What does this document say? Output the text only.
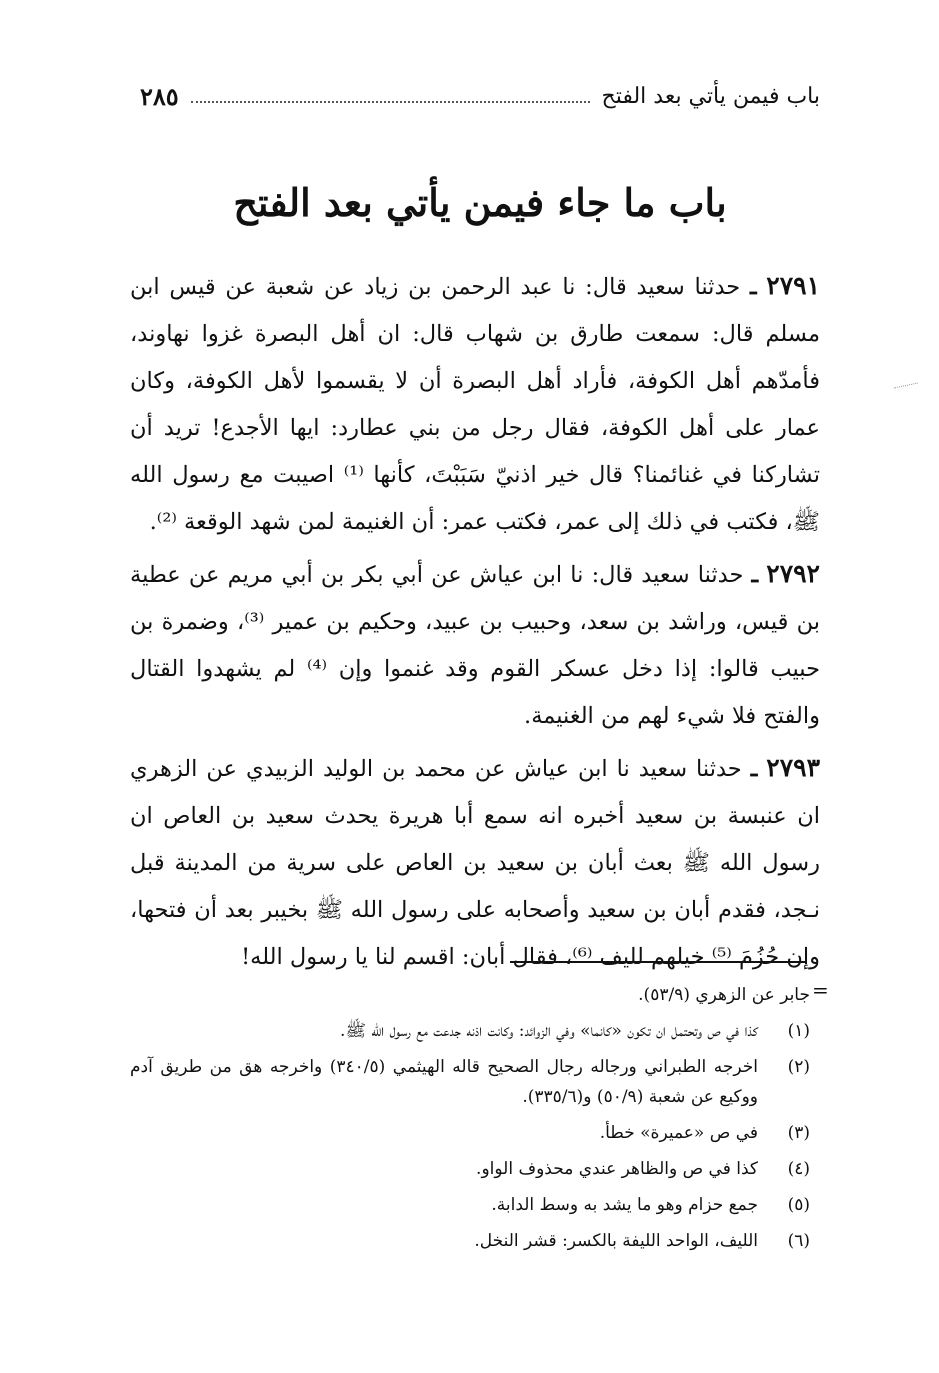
باب فيمن يأتي بعد الفتح
٢٨٥
باب ما جاء فيمن يأتي بعد الفتح

٢٧٩١ ـ حدثنا سعيد قال: نا عبد الرحمن بن زياد عن شعبة عن قيس ابن مسلم قال: سمعت طارق بن شهاب قال: ان أهل البصرة غزوا نهاوند، فأمدّهم أهل الكوفة، فأراد أهل البصرة أن لا يقسموا لأهل الكوفة، وكان عمار على أهل الكوفة، فقال رجل من بني عطارد: ايها الأجدع! تريد أن تشاركنا في غنائمنا؟ قال خير اذنيّ سَبَبْتَ، كأنها ⁽¹⁾ اصيبت مع رسول الله ﷺ، فكتب في ذلك إلى عمر، فكتب عمر: أن الغنيمة لمن شهد الوقعة ⁽²⁾.

٢٧٩٢ ـ حدثنا سعيد قال: نا ابن عياش عن أبي بكر بن أبي مريم عن عطية بن قيس، وراشد بن سعد، وحبيب بن عبيد، وحكيم بن عمير ⁽³⁾، وضمرة بن حبيب قالوا: إذا دخل عسكر القوم وقد غنموا وإن ⁽⁴⁾ لم يشهدوا القتال والفتح فلا شيء لهم من الغنيمة.

٢٧٩٣ ـ حدثنا سعيد نا ابن عياش عن محمد بن الوليد الزبيدي عن الزهري ان عنبسة بن سعيد أخبره انه سمع أبا هريرة يحدث سعيد بن العاص ان رسول الله ﷺ بعث أبان بن سعيد بن العاص على سرية من المدينة قبل نـجد، فقدم أبان بن سعيد وأصحابه على رسول الله ﷺ بخيبر بعد أن فتحها، وإن حُزُمَ ⁽⁵⁾ خيلهم لليف ⁽⁶⁾، فقال أبان: اقسم لنا يا رسول الله!

=

جابر عن الزهري (٥٣/٩).

(١)
كذا في ص وتحتمل ان تكون «كانما» وفي الزوائد: وكانت اذنه جدعت مع رسول الله ﷺ.
(٢)
اخرجه الطبراني ورجاله رجال الصحيح قاله الهيثمي (٣٤٠/٥) واخرجه هق من طريق آدم ووكيع عن شعبة (٥٠/٩) و(٣٣٥/٦).
(٣)
في ص «عميرة» خطأ.
(٤)
كذا في ص والظاهر عندي محذوف الواو.
(٥)
جمع حزام وهو ما يشد به وسط الدابة.
(٦)
الليف، الواحد الليفة بالكسر: قشر النخل.
